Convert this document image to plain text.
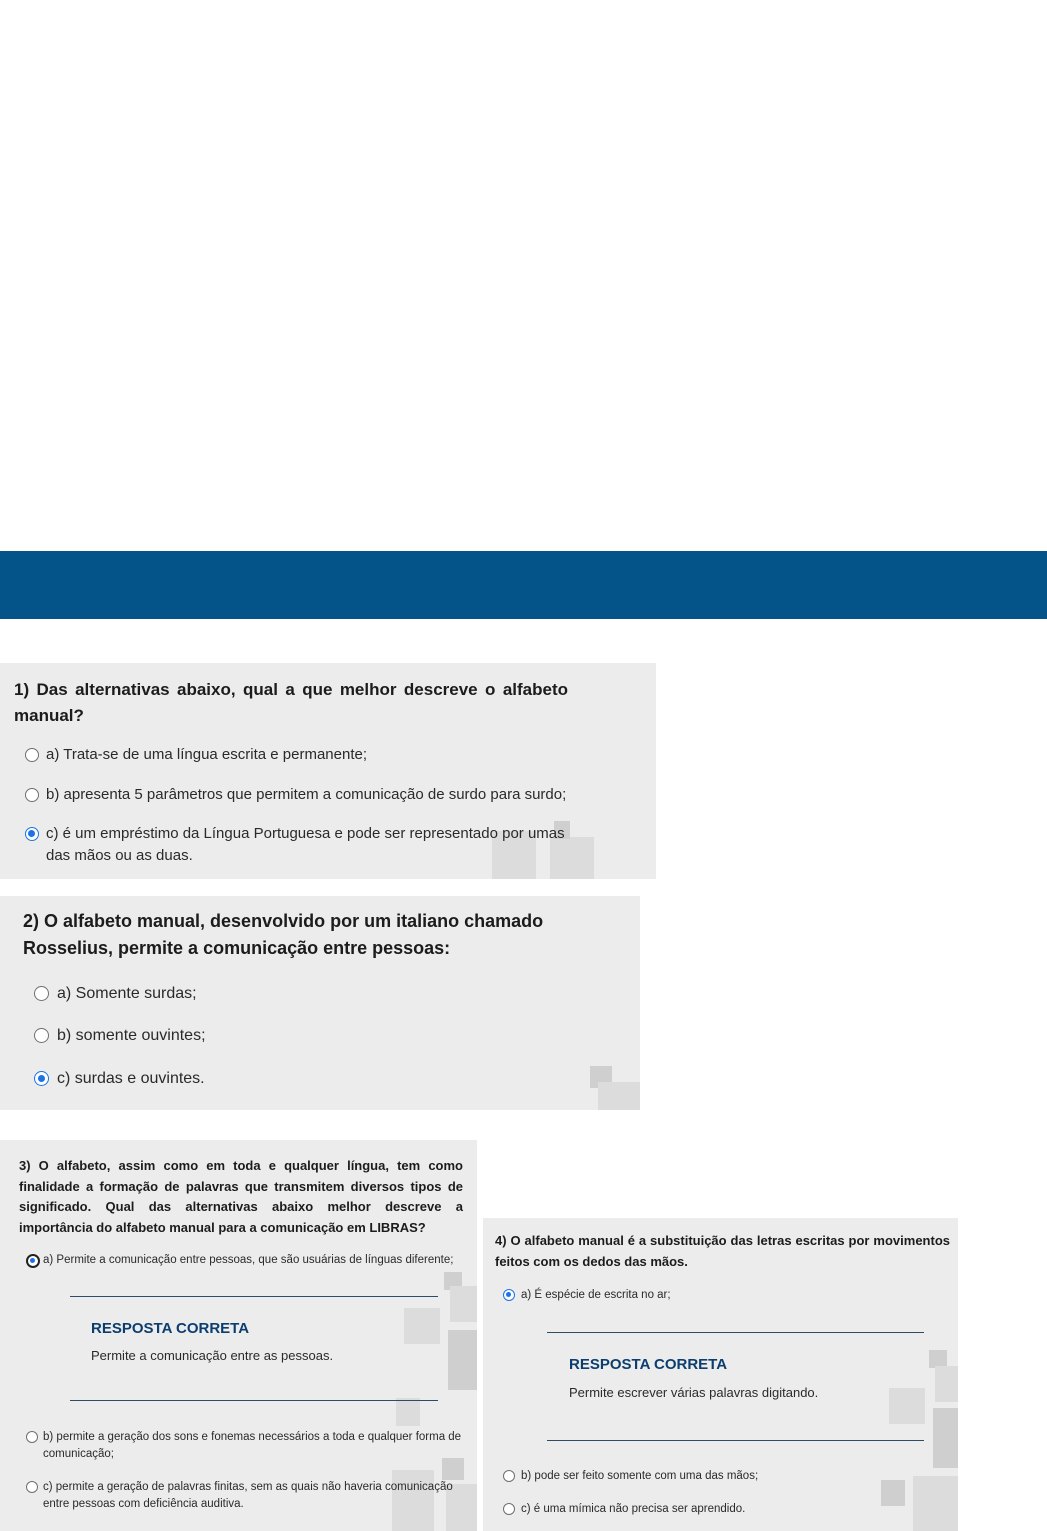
1) Das alternativas abaixo, qual a que melhor descreve o alfabeto manual?

a) Trata-se de uma língua escrita e permanente;
b) apresenta 5 parâmetros que permitem a comunicação de surdo para surdo;
c) é um empréstimo da Língua Portuguesa e pode ser representado por umas das mãos ou as duas.

2) O alfabeto manual, desenvolvido por um italiano chamado Rosselius, permite a comunicação entre pessoas:

a) Somente surdas;
b) somente ouvintes;
c) surdas e ouvintes.

3) O alfabeto, assim como em toda e qualquer língua, tem como finalidade a formação de palavras que transmitem diversos tipos de significado. Qual das alternativas abaixo melhor descreve a importância do alfabeto manual para a comunicação em LIBRAS?

a) Permite a comunicação entre pessoas, que são usuárias de línguas diferente;
RESPOSTA CORRETA
Permite a comunicação entre as pessoas.
b) permite a geração dos sons e fonemas necessários a toda e qualquer forma de comunicação;
c) permite a geração de palavras finitas, sem as quais não haveria comunicação entre pessoas com deficiência auditiva.

4) O alfabeto manual é a substituição das letras escritas por movimentos feitos com os dedos das mãos.

a) É espécie de escrita no ar;
RESPOSTA CORRETA
Permite escrever várias palavras digitando.
b) pode ser feito somente com uma das mãos;
c) é uma mímica não precisa ser aprendido.
